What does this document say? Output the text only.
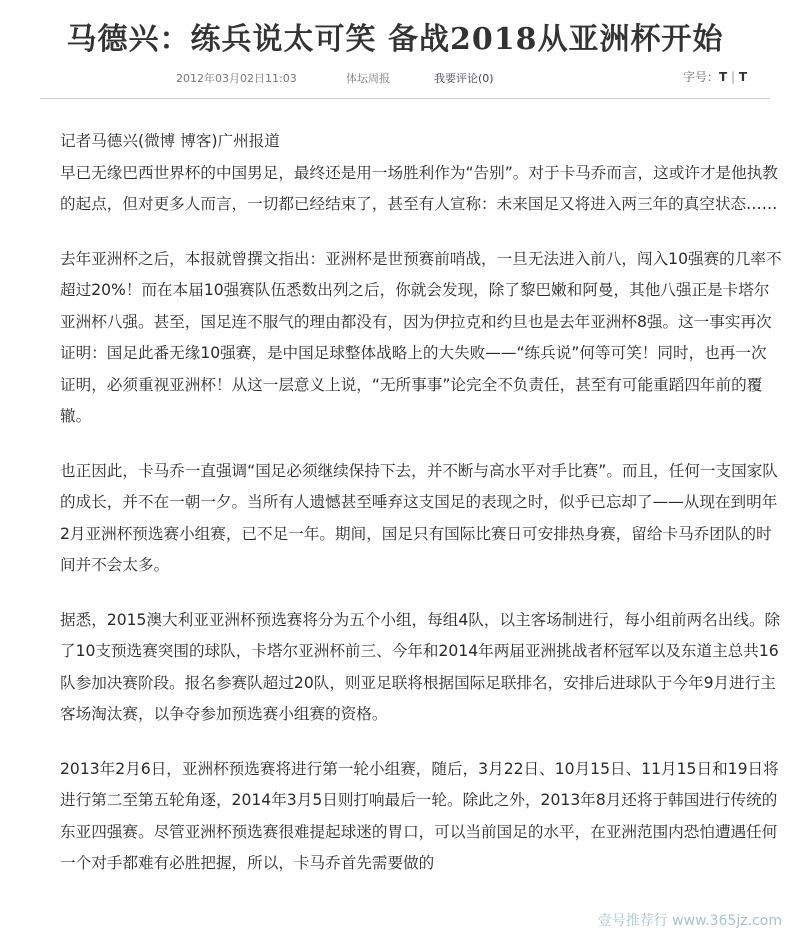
马德兴：练兵说太可笑 备战2018从亚洲杯开始
2012年03月02日11:03	体坛周报	我要评论(0)	字号：T | T

记者马德兴(微博 博客)广州报道

早已无缘巴西世界杯的中国男足，最终还是用一场胜利作为“告别”。对于卡马乔而言，这或许才是他执教的起点，但对更多人而言，一切都已经结束了，甚至有人宣称：未来国足又将进入两三年的真空状态……

去年亚洲杯之后，本报就曾撰文指出：亚洲杯是世预赛前哨战，一旦无法进入前八，闯入10强赛的几率不超过20%！而在本届10强赛队伍悉数出列之后，你就会发现，除了黎巴嫩和阿曼，其他八强正是卡塔尔亚洲杯八强。甚至，国足连不服气的理由都没有，因为伊拉克和约旦也是去年亚洲杯8强。这一事实再次证明：国足此番无缘10强赛，是中国足球整体战略上的大失败——“练兵说”何等可笑！同时，也再一次证明，必须重视亚洲杯！从这一层意义上说，“无所事事”论完全不负责任，甚至有可能重蹈四年前的覆辙。

也正因此，卡马乔一直强调“国足必须继续保持下去，并不断与高水平对手比赛”。而且，任何一支国家队的成长，并不在一朝一夕。当所有人遗憾甚至唾弃这支国足的表现之时，似乎已忘却了——从现在到明年2月亚洲杯预选赛小组赛，已不足一年。期间，国足只有国际比赛日可安排热身赛，留给卡马乔团队的时间并不会太多。

据悉，2015澳大利亚亚洲杯预选赛将分为五个小组，每组4队，以主客场制进行，每小组前两名出线。除了10支预选赛突围的球队，卡塔尔亚洲杯前三、今年和2014年两届亚洲挑战者杯冠军以及东道主总共16队参加决赛阶段。报名参赛队超过20队，则亚足联将根据国际足联排名，安排后进球队于今年9月进行主客场淘汰赛，以争夺参加预选赛小组赛的资格。

2013年2月6日，亚洲杯预选赛将进行第一轮小组赛，随后，3月22日、10月15日、11月15日和19日将进行第二至第五轮角逐，2014年3月5日则打响最后一轮。除此之外，2013年8月还将于韩国进行传统的东亚四强赛。尽管亚洲杯预选赛很难提起球迷的胃口，可以当前国足的水平，在亚洲范围内恐怕遭遇任何一个对手都难有必胜把握，所以，卡马乔首先需要做的

壹号推荐行 www.365jz.com
